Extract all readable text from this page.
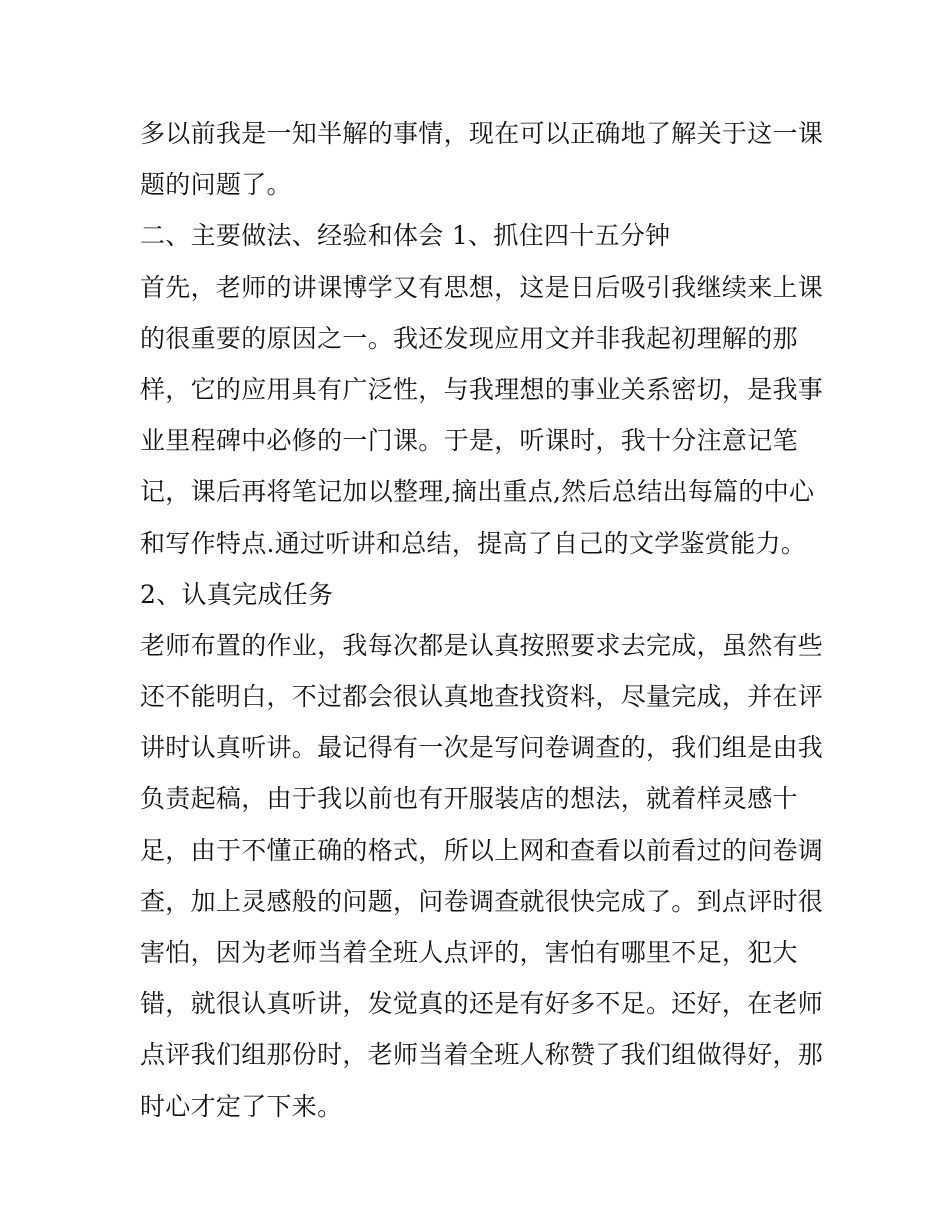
多以前我是一知半解的事情，现在可以正确地了解关于这一课
题的问题了。
二、主要做法、经验和体会 1、抓住四十五分钟
首先，老师的讲课博学又有思想，这是日后吸引我继续来上课
的很重要的原因之一。我还发现应用文并非我起初理解的那
样，它的应用具有广泛性，与我理想的事业关系密切，是我事
业里程碑中必修的一门课。于是，听课时，我十分注意记笔
记，课后再将笔记加以整理,摘出重点,然后总结出每篇的中心
和写作特点.通过听讲和总结，提高了自己的文学鉴赏能力。
2、认真完成任务
老师布置的作业，我每次都是认真按照要求去完成，虽然有些
还不能明白，不过都会很认真地查找资料，尽量完成，并在评
讲时认真听讲。最记得有一次是写问卷调查的，我们组是由我
负责起稿，由于我以前也有开服装店的想法，就着样灵感十
足，由于不懂正确的格式，所以上网和查看以前看过的问卷调
查，加上灵感般的问题，问卷调查就很快完成了。到点评时很
害怕，因为老师当着全班人点评的，害怕有哪里不足，犯大
错，就很认真听讲，发觉真的还是有好多不足。还好，在老师
点评我们组那份时，老师当着全班人称赞了我们组做得好，那
时心才定了下来。
